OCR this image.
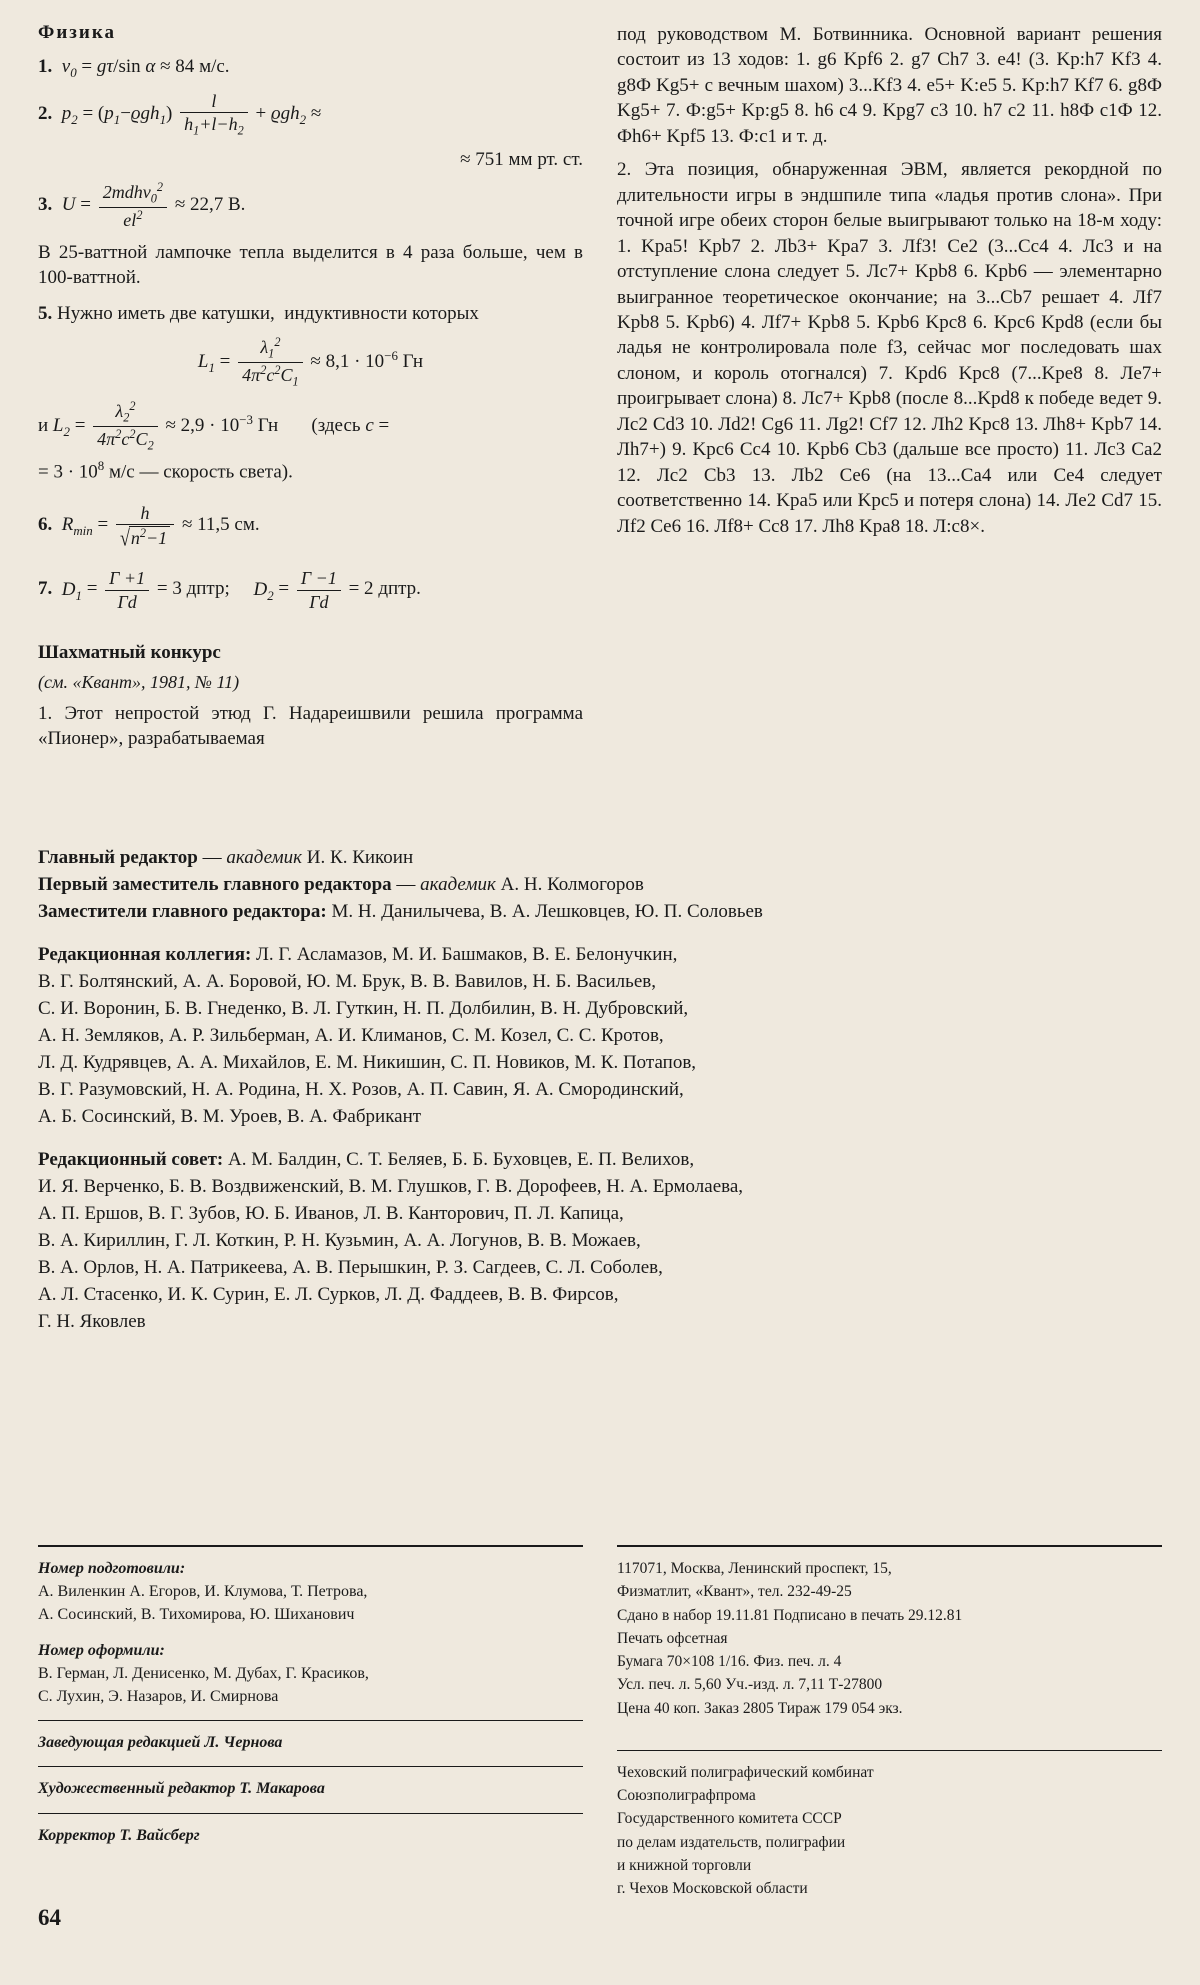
Физика
1. $v_0 = g\tau/\sin$ α ≈ 84 м/с.
2. $p_2 = (p_1-ϱgh_1) \frac{l}{h_1+l-h_2} + ϱgh_2$ ≈
≈ 751 мм рт. ст.
3. $U = \frac{2mdhv_0^2}{el^2} \approx 22,7$ В.
В 25-ваттной лампочке тепла выделится в 4 раза больше, чем в 100-ваттной.
5. Нужно иметь две катушки,  индуктивности которых
$L_1 = \frac{\lambda_1^2}{4\pi^2c^2C_1} \approx 8,1 \cdot 10^{-6}$ Гн
и $L_2 = \frac{\lambda_2^2}{4\pi^2c^2C_2} \approx 2,9 \cdot 10^{-3}$ Гн       (здесь c =
= $3 \cdot 10^8$ м/с — скорость света).
6. $R_{min} = \frac{h}{√n^2-1} \approx 11,5$ см.
7. $D_1 = \frac{\Gamma +1}{\Gamma d} = 3$ дптр; $D_2 = \frac{\Gamma -1}{\Gamma d} = 2$ дптр.
Шахматный конкурс

(см. «Квант», 1981, № 11)

1. Этот непростой этюд Г. Надареишвили решила программа «Пионер», разрабатываемая

под руководством М. Ботвинника. Основной вариант решения состоит из 13 ходов: 1. g6 Kpf6 2. g7 Ch7 3. e4! (3. Kp:h7 Kf3 4. g8Ф Kg5+ с вечным шахом) 3...Kf3 4. e5+ K:e5 5. Kp:h7 Kf7 6. g8Ф Kg5+ 7. Ф:g5+ Kp:g5 8. h6 c4 9. Kpg7 c3 10. h7 c2 11. h8Ф c1Ф 12. Фh6+ Kpf5 13. Ф:c1 и т. д.

2. Эта позиция, обнаруженная ЭВМ, является рекордной по длительности игры в эндшпиле типа «ладья против слона». При точной игре обеих сторон белые выигрывают только на 18-м ходу: 1. Kpa5! Kpb7 2. Лb3+ Kpa7 3. Лf3! Ce2 (3...Cc4 4. Лc3 и на отступление слона следует 5. Лc7+ Kpb8 6. Kpb6 — элементарно выигранное теоретическое окончание; на 3...Cb7 решает 4. Лf7 Kpb8 5. Kpb6) 4. Лf7+ Kpb8 5. Kpb6 Kpc8 6. Kpc6 Kpd8 (если бы ладья не контролировала поле f3, сейчас мог последовать шах слоном, и король отогнался) 7. Kpd6 Kpc8 (7...Kpe8 8. Лe7+ проигрывает слона) 8. Лc7+ Kpb8 (после 8...Kpd8 к победе ведет 9. Лc2 Cd3 10. Лd2! Cg6 11. Лg2! Cf7 12. Лh2 Kpc8 13. Лh8+ Kpb7 14. Лh7+) 9. Kpc6 Cc4 10. Kpb6 Cb3 (дальше все просто) 11. Лc3 Ca2 12. Лc2 Cb3 13. Лb2 Ce6 (на 13...Ca4 или Ce4 следует соответственно 14. Kpa5 или Kpc5 и потеря слона) 14. Лe2 Cd7 15. Лf2 Ce6 16. Лf8+ Cc8 17. Лh8 Kpa8 18. Л:c8×.

Главный редактор — академик И. К. Кикоин

Первый заместитель главного редактора — академик А. Н. Колмогоров

Заместители главного редактора: М. Н. Данилычева, В. А. Лешковцев, Ю. П. Соловьев

Редакционная коллегия: Л. Г. Асламазов, М. И. Башмаков, В. Е. Белонучкин,

В. Г. Болтянский, А. А. Боровой, Ю. М. Брук, В. В. Вавилов, Н. Б. Васильев,

С. И. Воронин, Б. В. Гнеденко, В. Л. Гуткин, Н. П. Долбилин, В. Н. Дубровский,

А. Н. Земляков, А. Р. Зильберман, А. И. Климанов, С. М. Козел, С. С. Кротов,

Л. Д. Кудрявцев, А. А. Михайлов, Е. М. Никишин, С. П. Новиков, М. К. Потапов,

В. Г. Разумовский, Н. А. Родина, Н. Х. Розов, А. П. Савин, Я. А. Смородинский,

А. Б. Сосинский, В. М. Уроев, В. А. Фабрикант

Редакционный совет: А. М. Балдин, С. Т. Беляев, Б. Б. Буховцев, Е. П. Велихов,

И. Я. Верченко, Б. В. Воздвиженский, В. М. Глушков, Г. В. Дорофеев, Н. А. Ермолаева,

А. П. Ершов, В. Г. Зубов, Ю. Б. Иванов, Л. В. Канторович, П. Л. Капица,

В. А. Кириллин, Г. Л. Коткин, Р. Н. Кузьмин, А. А. Логунов, В. В. Можаев,

В. А. Орлов, Н. А. Патрикеева, А. В. Перышкин, Р. З. Сагдеев, С. Л. Соболев,

А. Л. Стасенко, И. К. Сурин, Е. Л. Сурков, Л. Д. Фаддеев, В. В. Фирсов,

Г. Н. Яковлев

Номер подготовили:
А. Виленкин А. Егоров, И. Клумова, Т. Петрова,
А. Сосинский, В. Тихомирова, Ю. Шиханович
Номер оформили:
В. Герман, Л. Денисенко, М. Дубах, Г. Красиков,
С. Лухин, Э. Назаров, И. Смирнова
Заведующая редакцией Л. Чернова
Художественный редактор Т. Макарова
Корректор Т. Вайсберг
117071, Москва, Ленинский проспект, 15,
Физматлит, «Квант», тел. 232-49-25
Сдано в набор 19.11.81 Подписано в печать 29.12.81
Печать офсетная
Бумага 70×108 1/16. Физ. печ. л. 4
Усл. печ. л. 5,60 Уч.-изд. л. 7,11 Т-27800
Цена 40 коп. Заказ 2805 Тираж 179 054 экз.
Чеховский полиграфический комбинат
Союзполиграфпрома
Государственного комитета СССР
по делам издательств, полиграфии
и книжной торговли
г. Чехов Московской области
64
